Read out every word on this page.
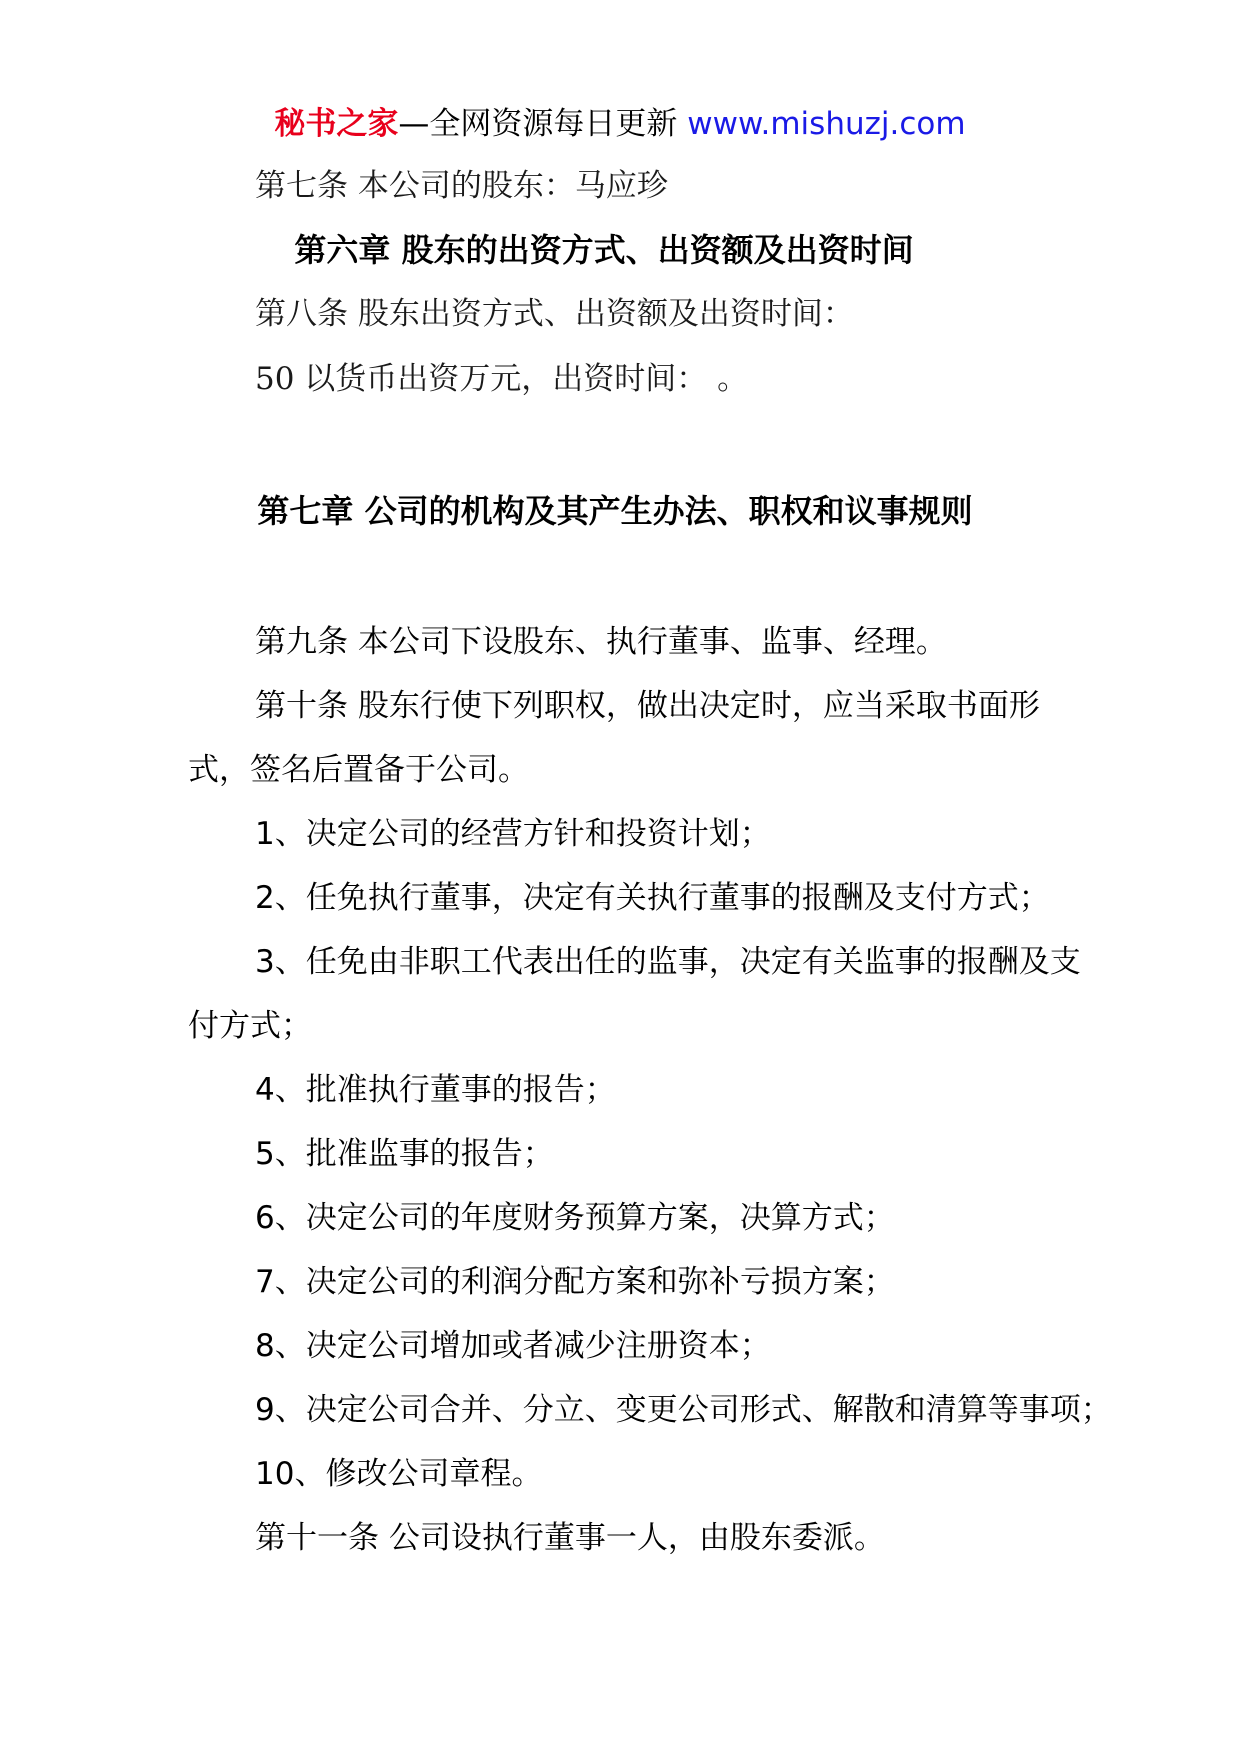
秘书之家—全网资源每日更新 www.mishuzj.com
第七条 本公司的股东：马应珍
第六章 股东的出资方式、出资额及出资时间
第八条 股东出资方式、出资额及出资时间：
50 以货币出资万元，出资时间： 。
第七章 公司的机构及其产生办法、职权和议事规则
第九条 本公司下设股东、执行董事、监事、经理。
第十条 股东行使下列职权，做出决定时，应当采取书面形
式，签名后置备于公司。
1、决定公司的经营方针和投资计划；
2、任免执行董事，决定有关执行董事的报酬及支付方式；
3、任免由非职工代表出任的监事，决定有关监事的报酬及支
付方式；
4、批准执行董事的报告；
5、批准监事的报告；
6、决定公司的年度财务预算方案，决算方式；
7、决定公司的利润分配方案和弥补亏损方案；
8、决定公司增加或者减少注册资本；
9、决定公司合并、分立、变更公司形式、解散和清算等事项；
10、修改公司章程。
第十一条 公司设执行董事一人，由股东委派。
